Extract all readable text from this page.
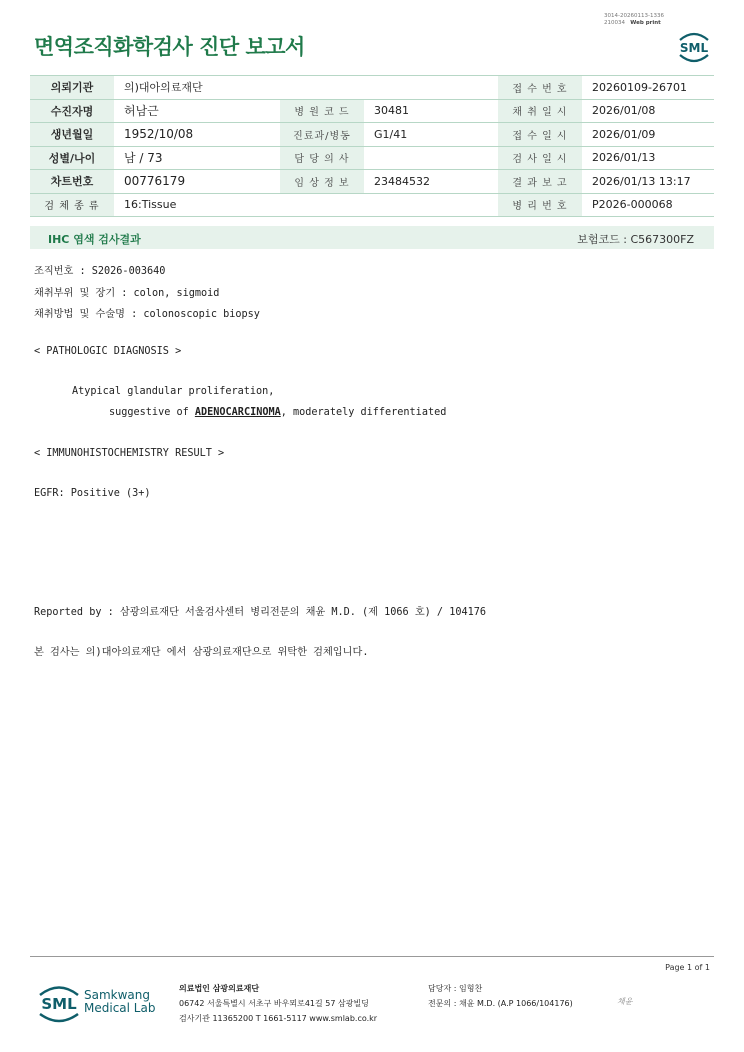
면역조직화학검사 진단 보고서
3014-20260113-1336
210034 Web print
SML
의뢰기관	의)대아의료재단			접 수 번 호	20260109-26701
수진자명	허남근	병 원 코 드	30481	채 취 일 시	2026/01/08
생년월일	1952/10/08	진료과/병동	G1/41	접 수 일 시	2026/01/09
성별/나이	남 / 73	담 당 의 사		검 사 일 시	2026/01/13
차트번호	00776179	임 상 정 보	23484532	결 과 보 고	2026/01/13 13:17
검 체 종 류	16:Tissue			병 리 번 호	P2026-000068
IHC 염색 검사결과	보험코드 : C567300FZ
조직번호 : S2026-003640
채취부위 및 장기 : colon, sigmoid
채취방법 및 수술명 : colonoscopic biopsy
< PATHOLOGIC DIAGNOSIS >
Atypical glandular proliferation,
suggestive of ADENOCARCINOMA, moderately differentiated
< IMMUNOHISTOCHEMISTRY RESULT >
EGFR: Positive (3+)
Reported by : 삼광의료재단 서울검사센터 병리전문의 채윤 M.D. (제 1066 호) / 104176
본 검사는 의)대아의료재단 에서 삼광의료재단으로 위탁한 검체입니다.
Page 1 of 1
SML Samkwang
Medical Lab
의료법인 삼광의료재단
06742 서울특별시 서초구 바우뫼로41길 57 삼광빌딩
검사기관 11365200 T 1661-5117 www.smlab.co.kr
담당자 : 임형찬
전문의 : 채윤 M.D. (A.P 1066/104176)	채윤
